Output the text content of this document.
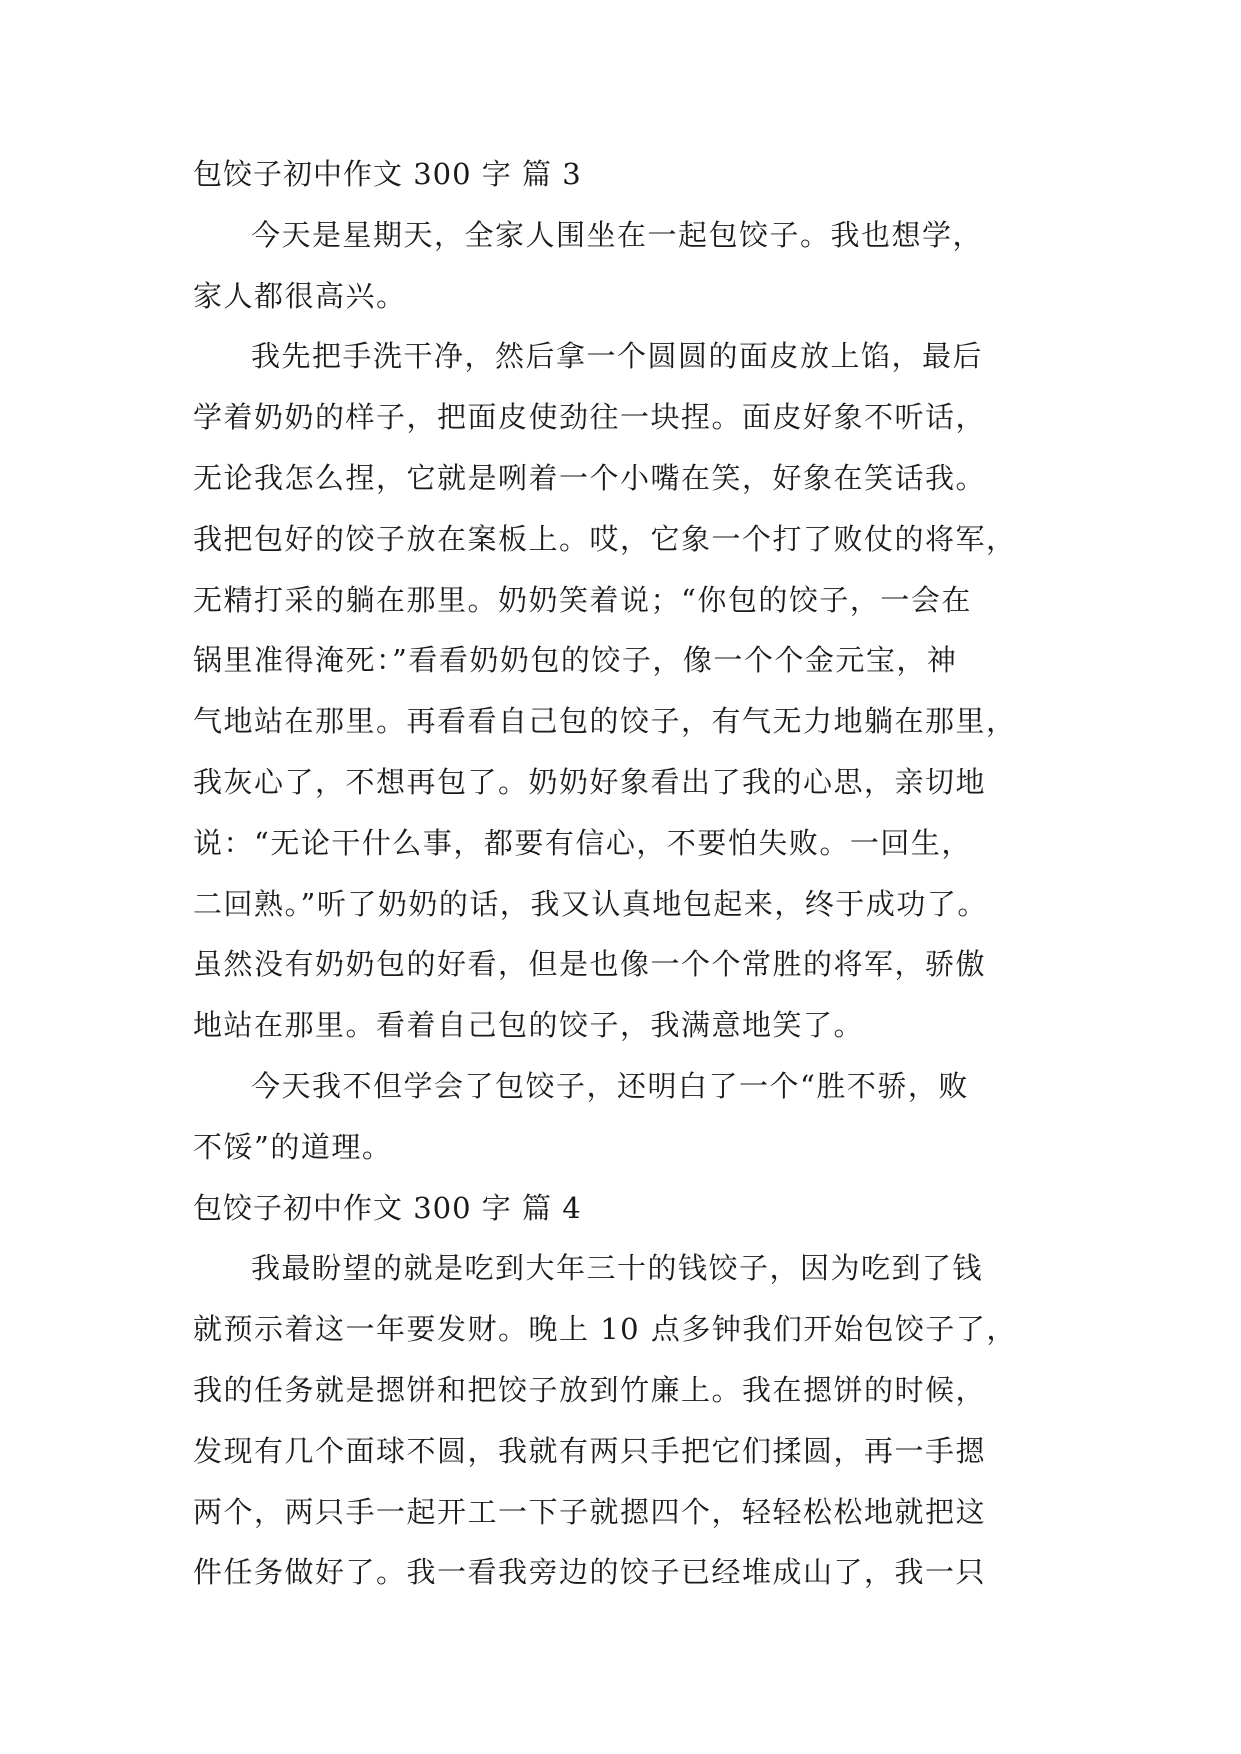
包饺子初中作文 300 字 篇 3
今天是星期天，全家人围坐在一起包饺子。我也想学，
家人都很高兴。
我先把手洗干净，然后拿一个圆圆的面皮放上馅，最后
学着奶奶的样子，把面皮使劲往一块捏。面皮好象不听话，
无论我怎么捏，它就是咧着一个小嘴在笑，好象在笑话我。
我把包好的饺子放在案板上。哎，它象一个打了败仗的将军，
无精打采的躺在那里。奶奶笑着说；“你包的饺子，一会在
锅里准得淹死：”看看奶奶包的饺子，像一个个金元宝，神
气地站在那里。再看看自己包的饺子，有气无力地躺在那里，
我灰心了，不想再包了。奶奶好象看出了我的心思，亲切地
说：“无论干什么事，都要有信心，不要怕失败。一回生，
二回熟。”听了奶奶的话，我又认真地包起来，终于成功了。
虽然没有奶奶包的好看，但是也像一个个常胜的将军，骄傲
地站在那里。看着自己包的饺子，我满意地笑了。
今天我不但学会了包饺子，还明白了一个“胜不骄，败
不馁”的道理。
包饺子初中作文 300 字 篇 4
我最盼望的就是吃到大年三十的钱饺子，因为吃到了钱
就预示着这一年要发财。晚上 10 点多钟我们开始包饺子了，
我的任务就是摁饼和把饺子放到竹廉上。我在摁饼的时候，
发现有几个面球不圆，我就有两只手把它们揉圆，再一手摁
两个，两只手一起开工一下子就摁四个，轻轻松松地就把这
件任务做好了。我一看我旁边的饺子已经堆成山了，我一只
